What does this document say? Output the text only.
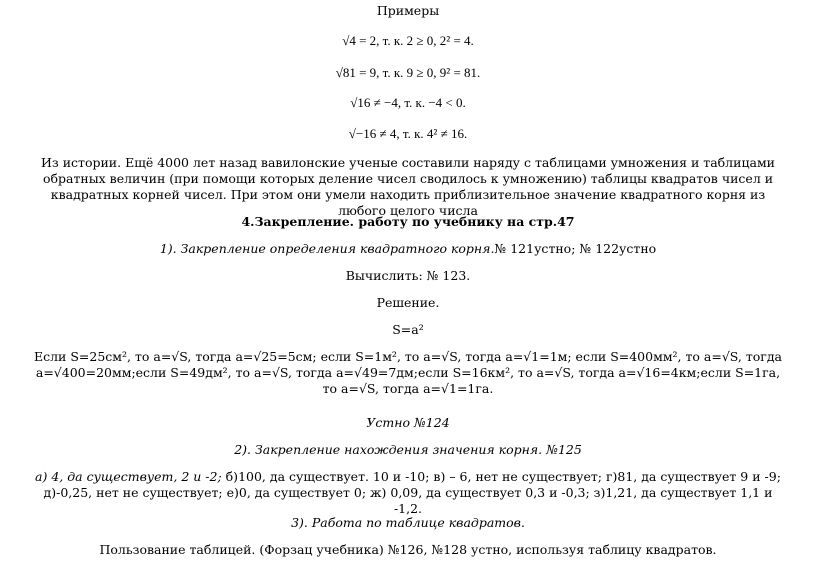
Примеры
√4 = 2, т. к. 2 ≥ 0, 2² = 4.
√81 = 9, т. к. 9 ≥ 0, 9² = 81.
√16 ≠ −4, т. к. −4 < 0.
√−16 ≠ 4, т. к. 4² ≠ 16.
Из истории. Ещё 4000 лет назад вавилонские ученые составили наряду с таблицами умножения и таблицами обратных величин (при помощи которых деление чисел сводилось к умножению) таблицы квадратов чисел и квадратных корней чисел. При этом они умели находить приблизительное значение квадратного корня из любого целого числа
4.Закрепление. работу по учебнику на стр.47
1). Закрепление определения квадратного корня.№ 121устно; № 122устно
Вычислить: № 123.
Решение.
S=a²
Если S=25см², то a=√S, тогда a=√25=5см; если S=1м², то a=√S, тогда a=√1=1м; если S=400мм², то a=√S, тогда a=√400=20мм;если S=49дм², то a=√S, тогда a=√49=7дм;если S=16км², то a=√S, тогда a=√16=4км;если S=1га, то a=√S, тогда a=√1=1га.
Устно №124
2). Закрепление нахождения значения корня. №125
а) 4, да существует, 2 и -2; б)100, да существует. 10 и -10; в) – 6, нет не существует; г)81, да существует 9 и -9; д)-0,25, нет не существует; е)0, да существует 0; ж) 0,09, да существует 0,3 и -0,3; з)1,21, да существует 1,1 и -1,2.
3). Работа по таблице квадратов.
Пользование таблицей. (Форзац учебника) №126, №128 устно, используя таблицу квадратов.
